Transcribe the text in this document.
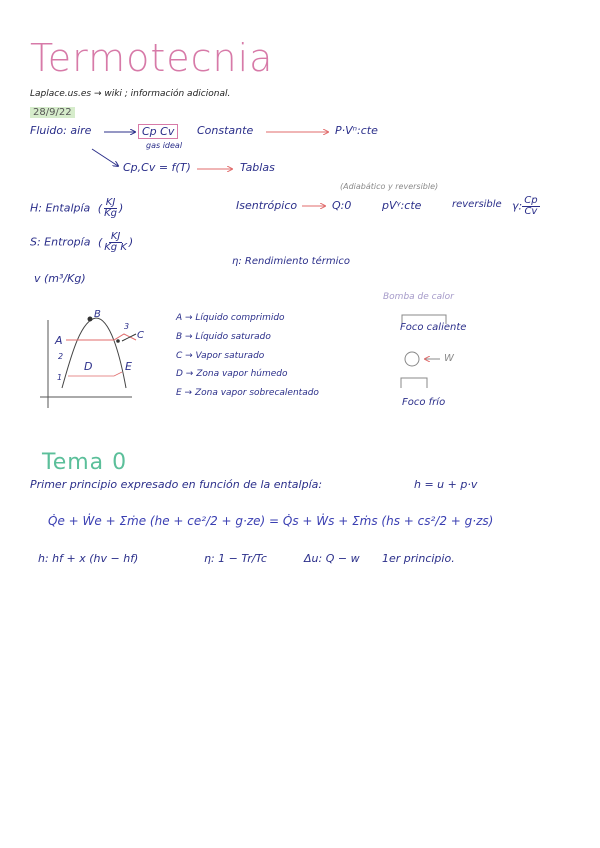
Termotecnia
Laplace.us.es → wiki ; información adicional.
28/9/22
Fluido: aire	Cp Cv
gas ideal
Constante	P·Vⁿ:cte
Cp,Cv = f(T)	Tablas
H: Entalpía ( $\frac{KJ}{Kg}$ )
S: Entropía ( $\frac{KJ}{\text{Kg K}}$ )
v (m³/Kg)
(Adiabático y reversible)
Isentrópico	Q:0	pVᵞ:cte	reversible γ: $\frac{Cp}{Cv}$
η: Rendimiento térmico
A
B
C
D	E
2
1
3
A → Líquido comprimido
B → Líquido saturado
C → Vapor saturado
D → Zona vapor húmedo
E → Zona vapor sobrecalentado
Bomba de calor
Foco caliente
W
Foco frío
Tema 0
Primer principio expresado en función de la entalpía:	h = u + p·v
Q̇e + Ẇe + Σṁe (he + ce²/2 + g·ze) = Q̇s + Ẇs + Σṁs (hs + cs²/2 + g·zs)
h: hf + x (hv − hf)	η: 1 − Tr/Tc	Δu: Q − w 1er principio.
